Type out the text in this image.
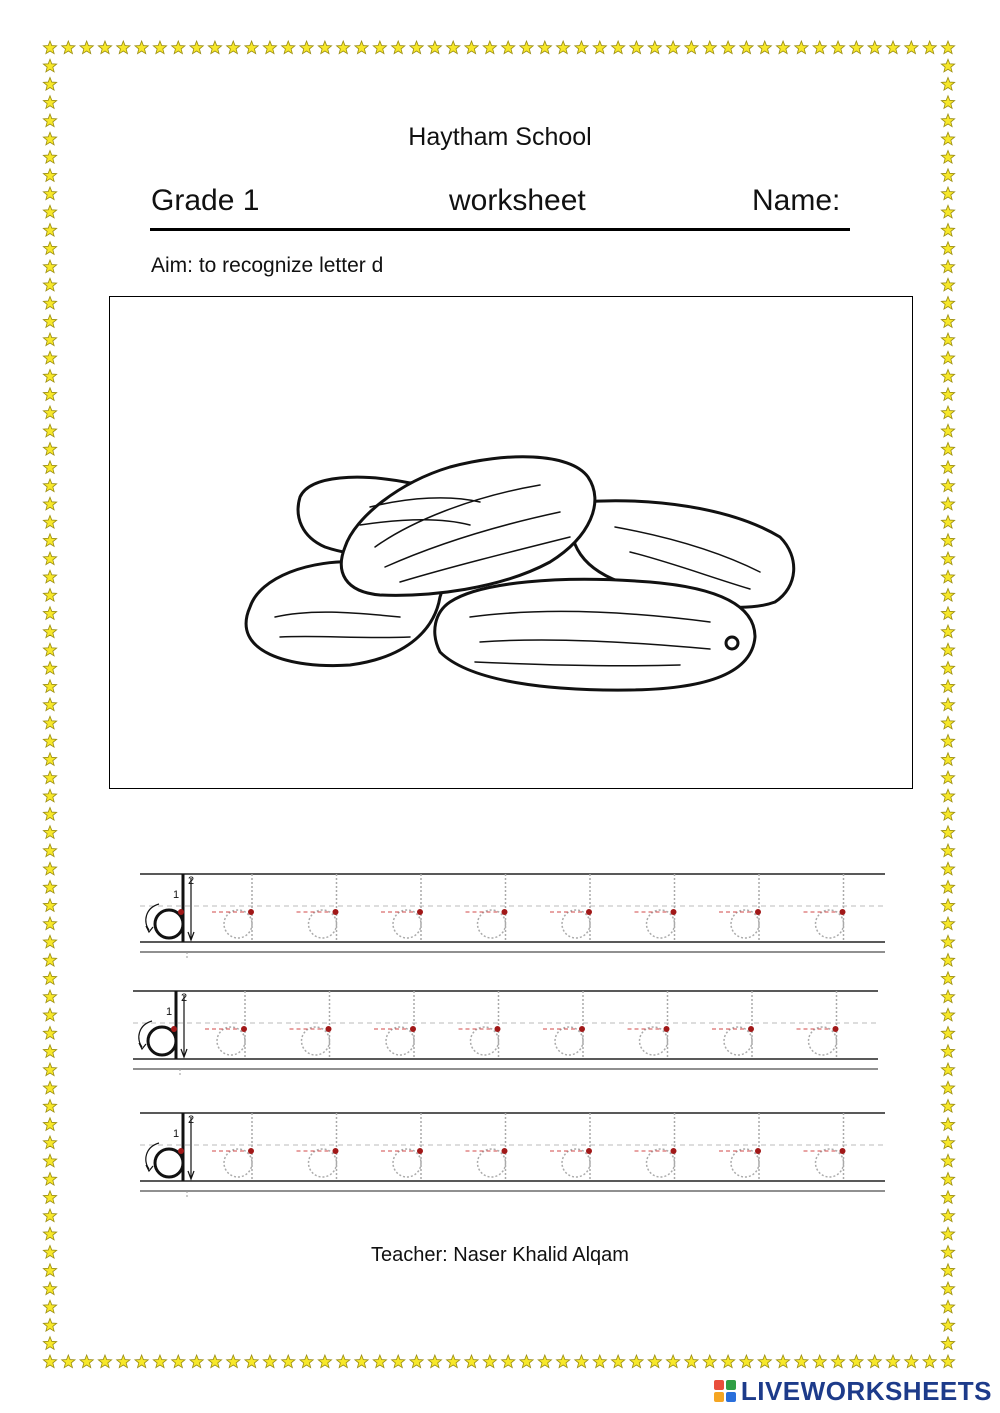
Haytham School
Grade 1	worksheet	Name:
Aim: to recognize letter d
1
2
1
2
1
2
Teacher: Naser Khalid Alqam
LIVEWORKSHEETS
